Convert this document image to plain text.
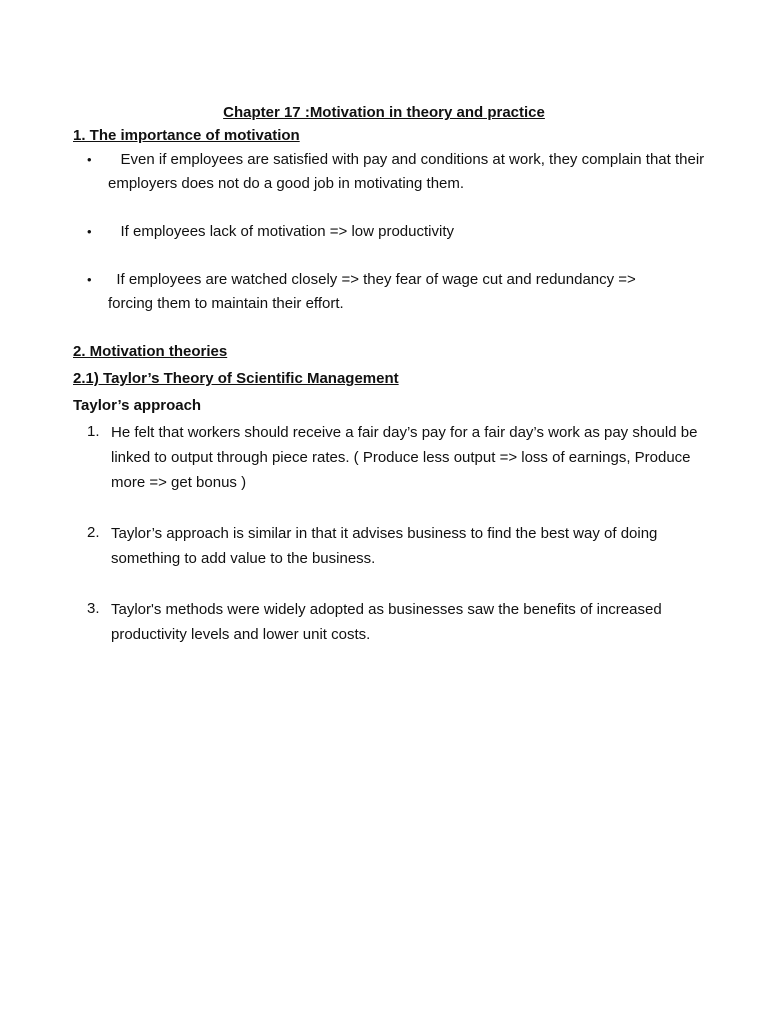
Chapter 17 :Motivation in theory and practice
1. The importance of motivation
• Even if employees are satisfied with pay and conditions at work, they complain that their employers does not do a good job in motivating them.
• If employees lack of motivation => low productivity
• If employees are watched closely => they fear of wage cut and redundancy => forcing them to maintain their effort.
2. Motivation theories
2.1) Taylor’s Theory of Scientific Management
Taylor’s approach
1. He felt that workers should receive a fair day’s pay for a fair day’s work as pay should be linked to output through piece rates. ( Produce less output => loss of earnings, Produce more => get bonus )
2. Taylor’s approach is similar in that it advises business to find the best way of doing something to add value to the business.
3. Taylor's methods were widely adopted as businesses saw the benefits of increased productivity levels and lower unit costs.
